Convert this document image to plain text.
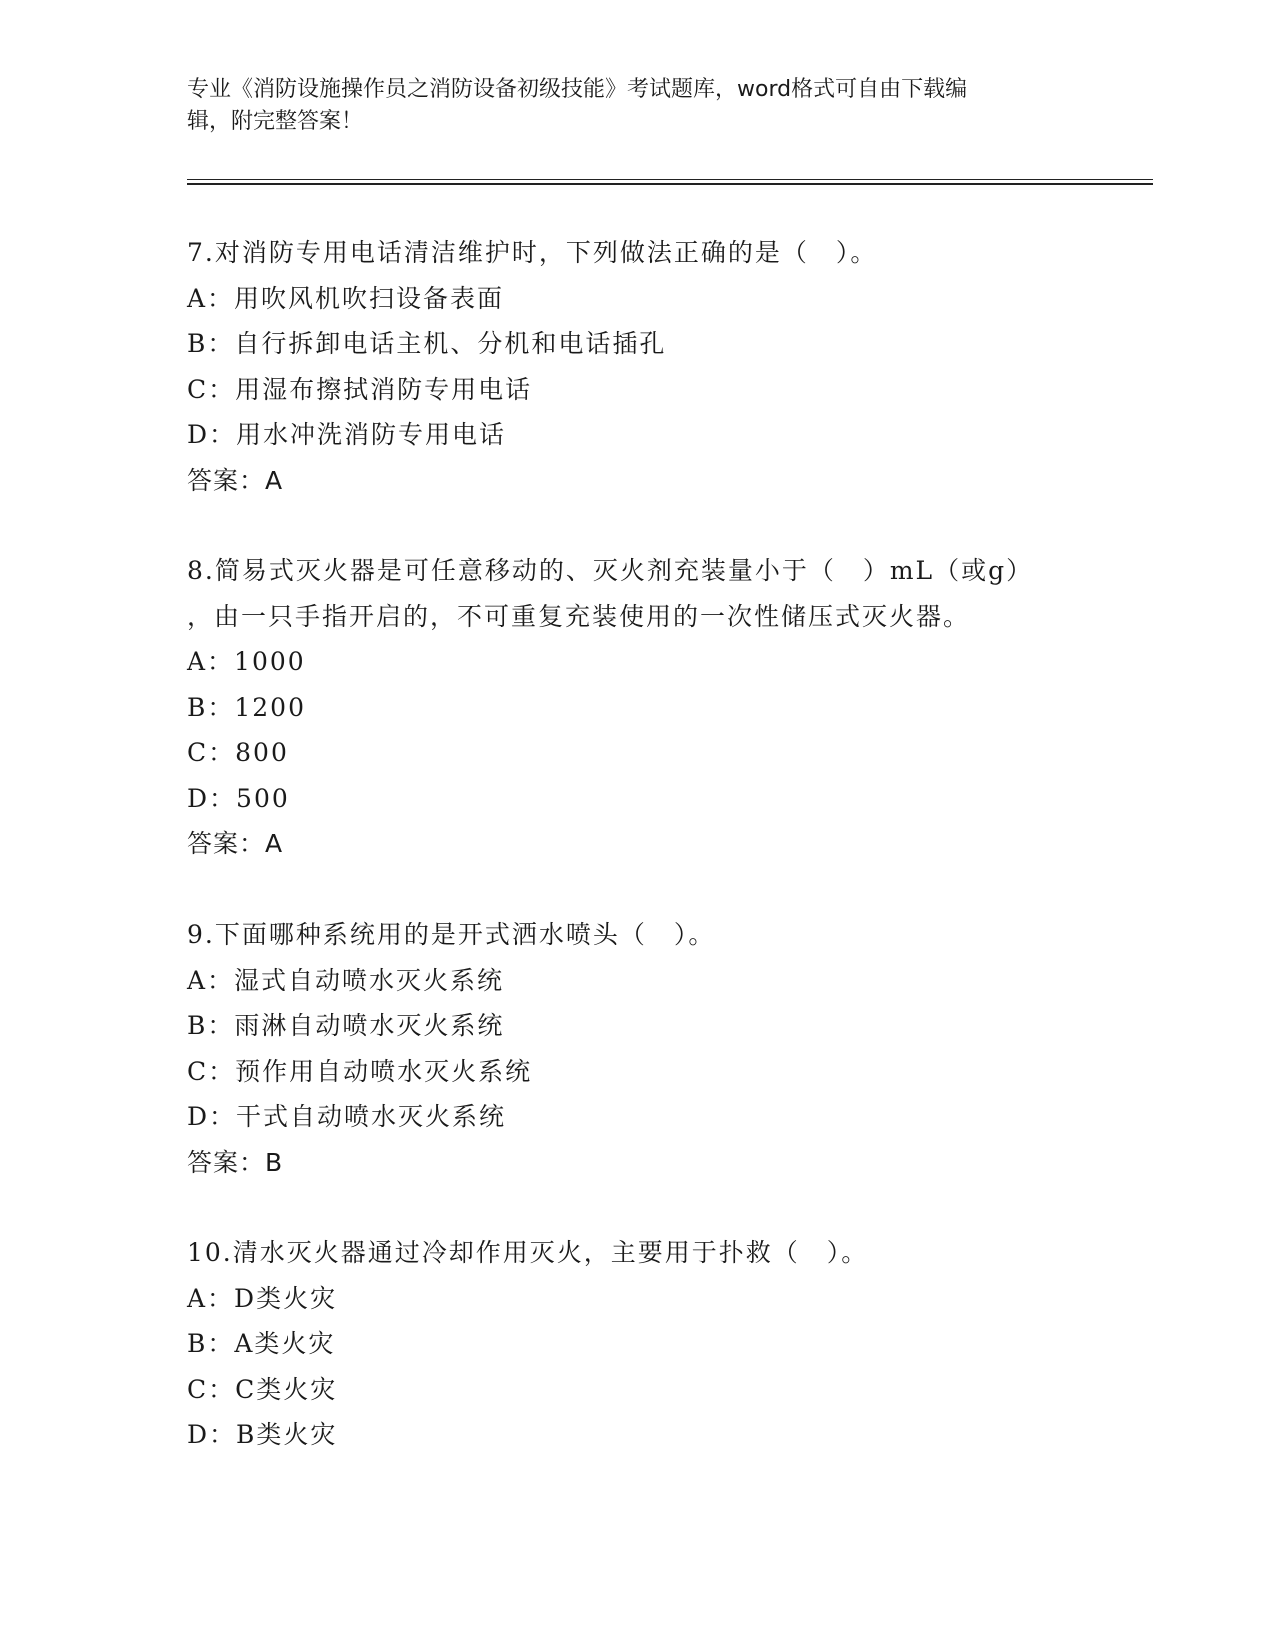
专业《消防设施操作员之消防设备初级技能》考试题库，word格式可自由下载编
辑，附完整答案！
7.对消防专用电话清洁维护时，下列做法正确的是（　）。
A：用吹风机吹扫设备表面
B：自行拆卸电话主机、分机和电话插孔
C：用湿布擦拭消防专用电话
D：用水冲洗消防专用电话
答案：A
8.简易式灭火器是可任意移动的、灭火剂充装量小于（　）mL（或g）
，由一只手指开启的，不可重复充装使用的一次性储压式灭火器。
A：1000
B：1200
C：800
D：500
答案：A
9.下面哪种系统用的是开式洒水喷头（　）。
A：湿式自动喷水灭火系统
B：雨淋自动喷水灭火系统
C：预作用自动喷水灭火系统
D：干式自动喷水灭火系统
答案：B
10.清水灭火器通过冷却作用灭火，主要用于扑救（　）。
A：D类火灾
B：A类火灾
C：C类火灾
D：B类火灾
